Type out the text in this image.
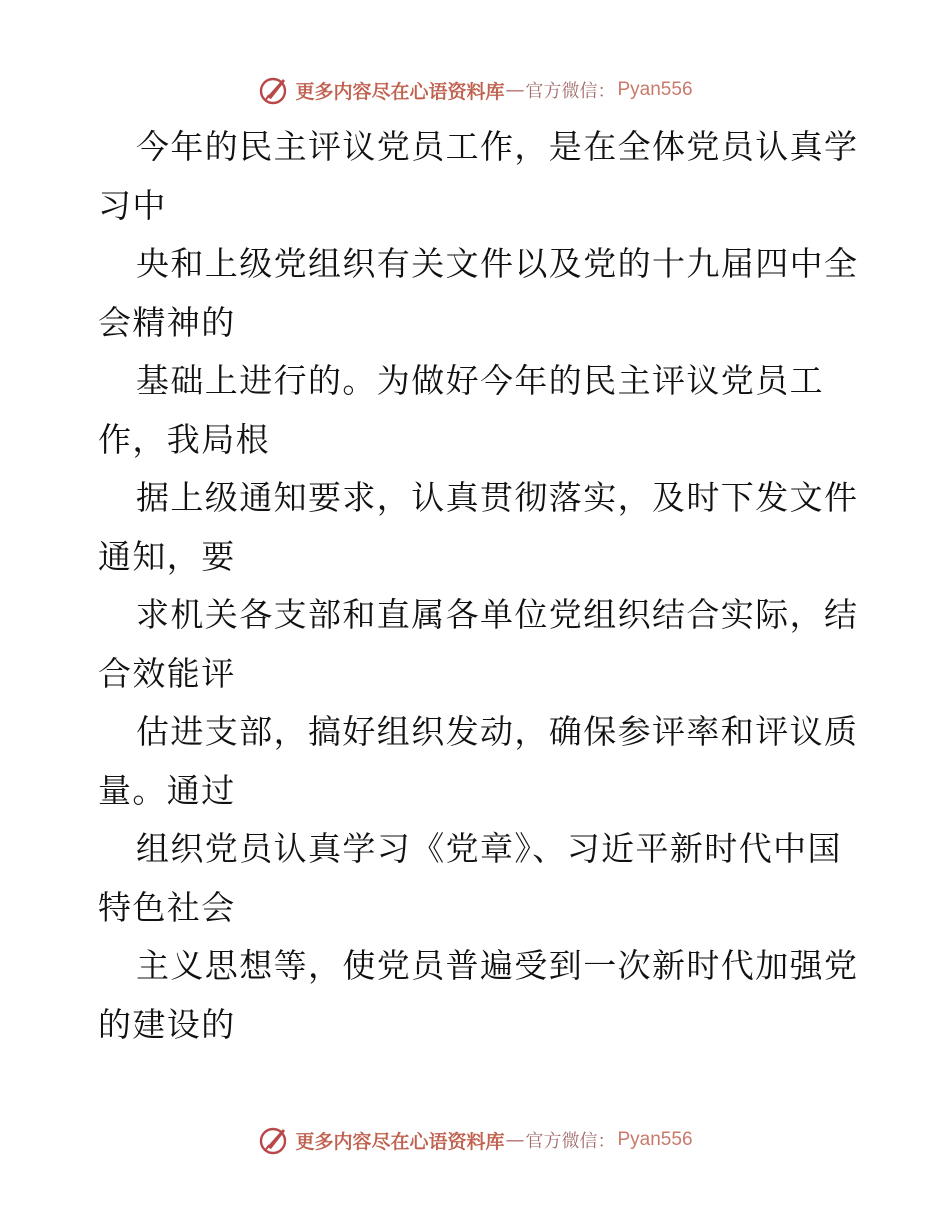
更多内容尽在心语资料库 — 官方微信： Pyan556

今年的民主评议党员工作，是在全体党员认真学
习中

央和上级党组织有关文件以及党的十九届四中全
会精神的

基础上进行的。为做好今年的民主评议党员工
作，我局根

据上级通知要求，认真贯彻落实，及时下发文件
通知，要

求机关各支部和直属各单位党组织结合实际，结
合效能评

估进支部，搞好组织发动，确保参评率和评议质
量。通过

组织党员认真学习《党章》、习近平新时代中国
特色社会

主义思想等，使党员普遍受到一次新时代加强党
的建设的

更多内容尽在心语资料库 — 官方微信： Pyan556
